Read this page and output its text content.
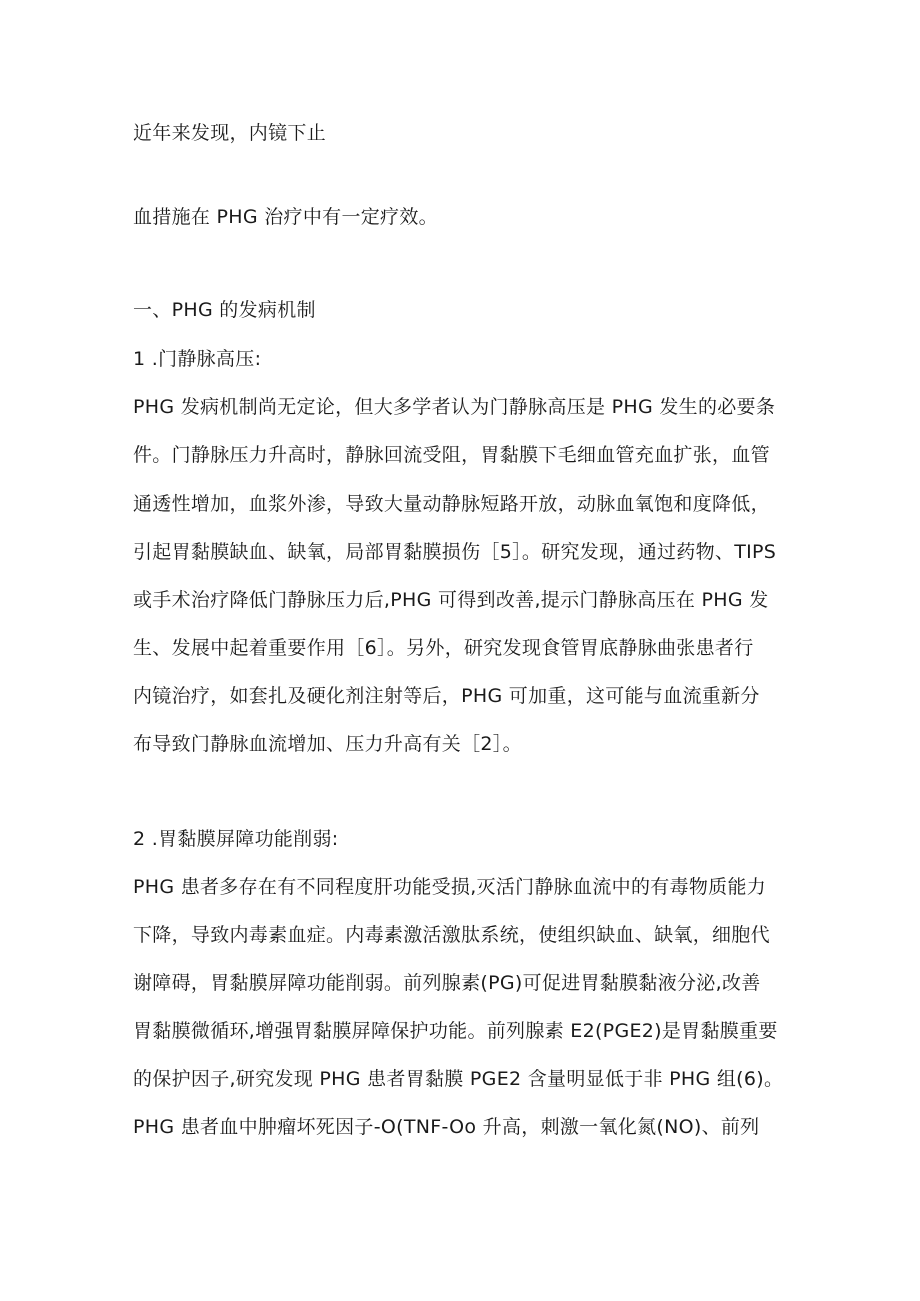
近年来发现，内镜下止
血措施在 PHG 治疗中有一定疗效。
一、PHG 的发病机制
1 .门静脉高压:
PHG 发病机制尚无定论，但大多学者认为门静脉高压是 PHG 发生的必要条
件。门静脉压力升高时，静脉回流受阻，胃黏膜下毛细血管充血扩张，血管
通透性增加，血浆外渗，导致大量动静脉短路开放，动脉血氧饱和度降低，
引起胃黏膜缺血、缺氧，局部胃黏膜损伤［5］。研究发现，通过药物、TIPS
或手术治疗降低门静脉压力后,PHG 可得到改善,提示门静脉高压在 PHG 发
生、发展中起着重要作用［6］。另外，研究发现食管胃底静脉曲张患者行
内镜治疗，如套扎及硬化剂注射等后，PHG 可加重，这可能与血流重新分
布导致门静脉血流增加、压力升高有关［2］。
2 .胃黏膜屏障功能削弱:
PHG 患者多存在有不同程度肝功能受损,灭活门静脉血流中的有毒物质能力
下降，导致内毒素血症。内毒素激活激肽系统，使组织缺血、缺氧，细胞代
谢障碍，胃黏膜屏障功能削弱。前列腺素(PG)可促进胃黏膜黏液分泌,改善
胃黏膜微循环,增强胃黏膜屏障保护功能。前列腺素 E2(PGE2)是胃黏膜重要
的保护因子,研究发现 PHG 患者胃黏膜 PGE2 含量明显低于非 PHG 组(6)。
PHG 患者血中肿瘤坏死因子-O(TNF-Oo 升高，刺激一氧化氮(NO)、前列
